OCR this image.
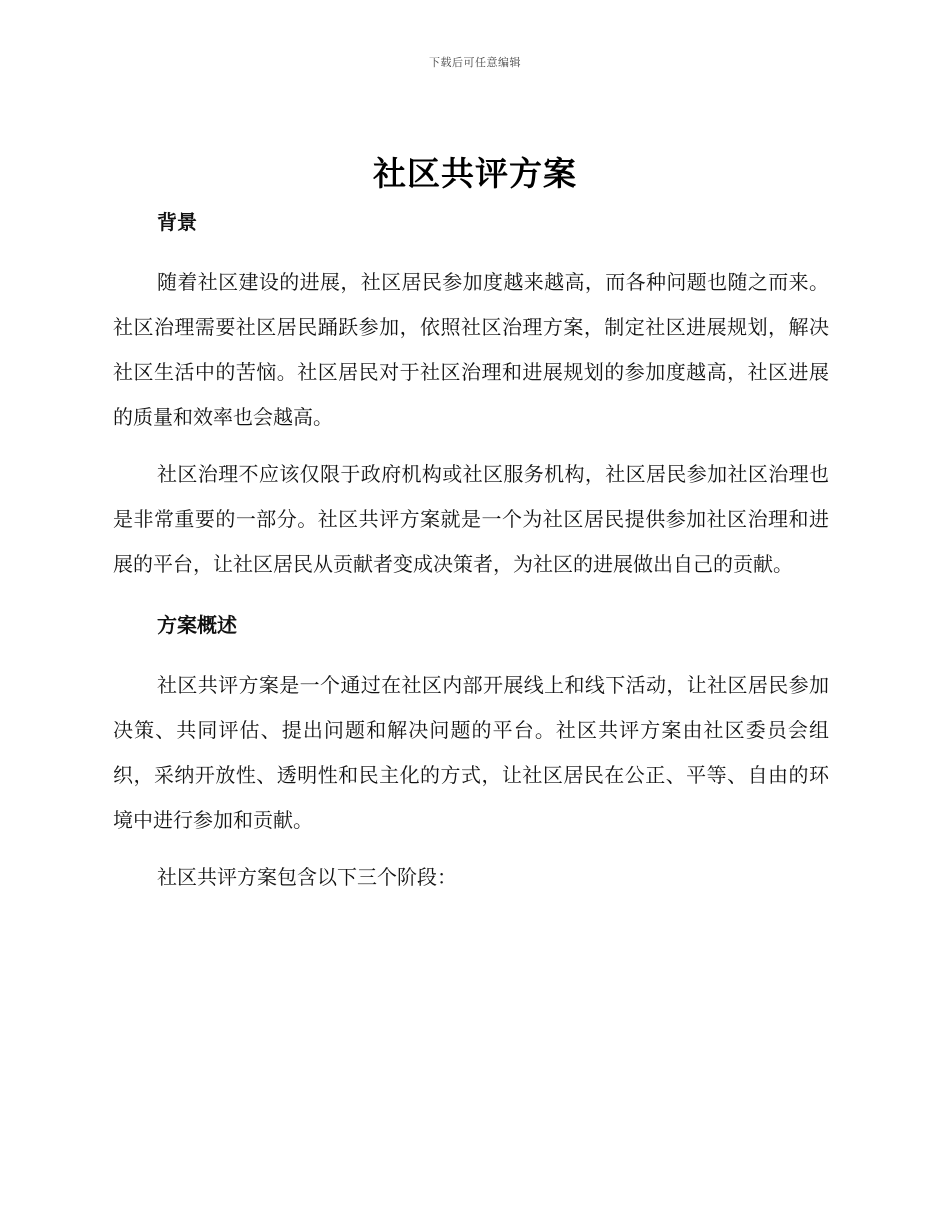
下载后可任意编辑
社区共评方案
背景

随着社区建设的进展，社区居民参加度越来越高，而各种问题也随之而来。社区治理需要社区居民踊跃参加，依照社区治理方案，制定社区进展规划，解决社区生活中的苦恼。社区居民对于社区治理和进展规划的参加度越高，社区进展的质量和效率也会越高。

社区治理不应该仅限于政府机构或社区服务机构，社区居民参加社区治理也是非常重要的一部分。社区共评方案就是一个为社区居民提供参加社区治理和进展的平台，让社区居民从贡献者变成决策者，为社区的进展做出自己的贡献。

方案概述

社区共评方案是一个通过在社区内部开展线上和线下活动，让社区居民参加决策、共同评估、提出问题和解决问题的平台。社区共评方案由社区委员会组织，采纳开放性、透明性和民主化的方式，让社区居民在公正、平等、自由的环境中进行参加和贡献。

社区共评方案包含以下三个阶段：
